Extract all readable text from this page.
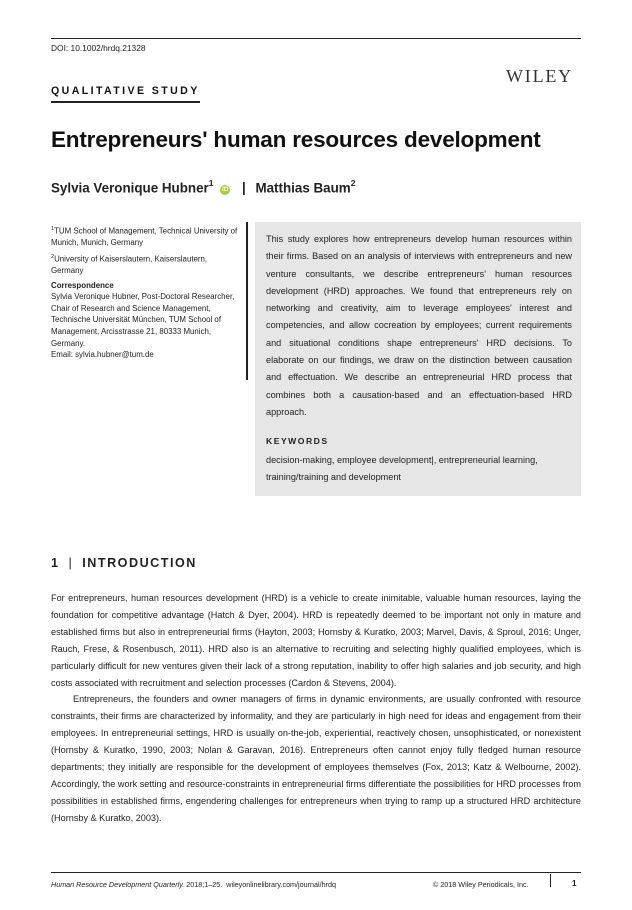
DOI: 10.1002/hrdq.21328
WILEY
QUALITATIVE STUDY
Entrepreneurs' human resources development
Sylvia Veronique Hubner$^1$ iD | Matthias Baum$^2$

$^1$TUM School of Management, Technical University of Munich, Munich, Germany

$^2$University of Kaiserslautern, Kaiserslautern, Germany

Correspondence

Sylvia Veronique Hubner, Post-Doctoral Researcher, Chair of Research and Science Management, Technische Universität München, TUM School of Management, Arcisstrasse 21, 80333 Munich, Germany.
Email: sylvia.hubner@tum.de

This study explores how entrepreneurs develop human resources within their firms. Based on an analysis of interviews with entrepreneurs and new venture consultants, we describe entrepreneurs' human resources development (HRD) approaches. We found that entrepreneurs rely on networking and creativity, aim to leverage employees' interest and competencies, and allow cocreation by employees; current requirements and situational conditions shape entrepreneurs' HRD decisions. To elaborate on our findings, we draw on the distinction between causation and effectuation. We describe an entrepreneurial HRD process that combines both a causation-based and an effectuation-based HRD approach.
KEYWORDS
decision-making, employee development|, entrepreneurial learning, training/training and development
1 | INTRODUCTION

For entrepreneurs, human resources development (HRD) is a vehicle to create inimitable, valuable human resources, laying the foundation for competitive advantage (Hatch & Dyer, 2004). HRD is repeatedly deemed to be important not only in mature and established firms but also in entrepreneurial firms (Hayton, 2003; Hornsby & Kuratko, 2003; Marvel, Davis, & Sproul, 2016; Unger, Rauch, Frese, & Rosenbusch, 2011). HRD also is an alternative to recruiting and selecting highly qualified employees, which is particularly difficult for new ventures given their lack of a strong reputation, inability to offer high salaries and job security, and high costs associated with recruitment and selection processes (Cardon & Stevens, 2004).

Entrepreneurs, the founders and owner managers of firms in dynamic environments, are usually confronted with resource constraints, their firms are characterized by informality, and they are particularly in high need for ideas and engagement from their employees. In entrepreneurial settings, HRD is usually on-the-job, experiential, reactively chosen, unsophisticated, or nonexistent (Hornsby & Kuratko, 1990, 2003; Nolan & Garavan, 2016). Entrepreneurs often cannot enjoy fully fledged human resource departments; they initially are responsible for the development of employees themselves (Fox, 2013; Katz & Welbourne, 2002). Accordingly, the work setting and resource-constraints in entrepreneurial firms differentiate the possibilities for HRD processes from possibilities in established firms, engendering challenges for entrepreneurs when trying to ramp up a structured HRD architecture (Hornsby & Kuratko, 2003).

Human Resource Development Quarterly. 2018;1–25. wileyonlinelibrary.com/journal/hrdq	© 2018 Wiley Periodicals, Inc.	1
